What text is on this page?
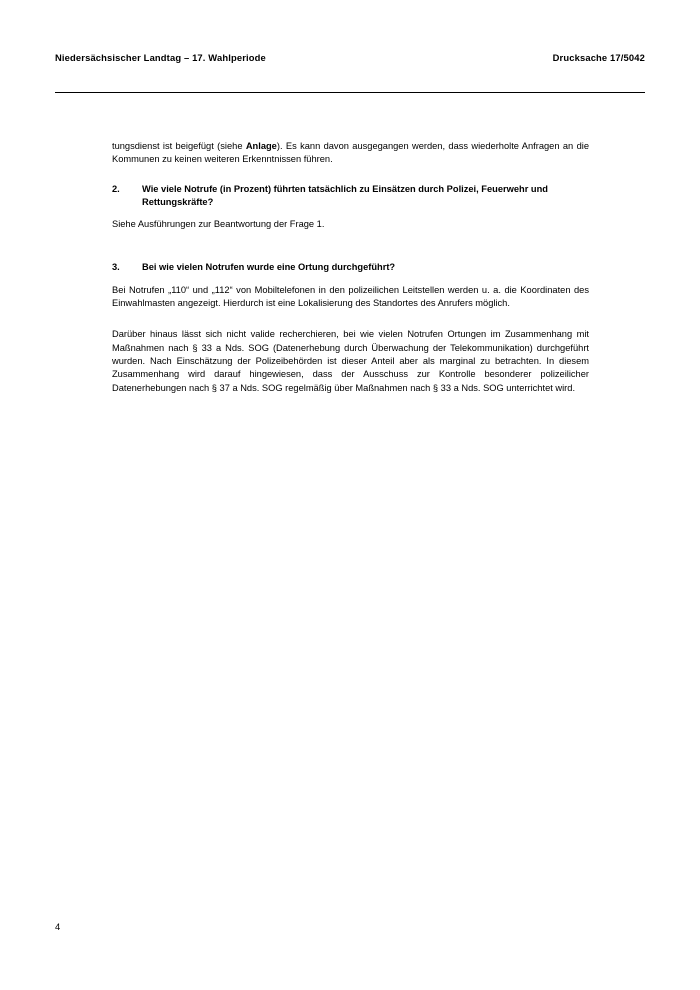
Niedersächsischer Landtag – 17. Wahlperiode	Drucksache 17/5042

tungsdienst ist beigefügt (siehe Anlage). Es kann davon ausgegangen werden, dass wiederholte Anfragen an die Kommunen zu keinen weiteren Erkenntnissen führen.

2.	Wie viele Notrufe (in Prozent) führten tatsächlich zu Einsätzen durch Polizei, Feuerwehr und Rettungskräfte?

Siehe Ausführungen zur Beantwortung der Frage 1.

3.	Bei wie vielen Notrufen wurde eine Ortung durchgeführt?

Bei Notrufen „110“ und „112“ von Mobiltelefonen in den polizeilichen Leitstellen werden u. a. die Koordinaten des Einwahlmasten angezeigt. Hierdurch ist eine Lokalisierung des Standortes des Anrufers möglich.

Darüber hinaus lässt sich nicht valide recherchieren, bei wie vielen Notrufen Ortungen im Zusammenhang mit Maßnahmen nach § 33 a Nds. SOG (Datenerhebung durch Überwachung der Telekommunikation) durchgeführt wurden. Nach Einschätzung der Polizeibehörden ist dieser Anteil aber als marginal zu betrachten. In diesem Zusammenhang wird darauf hingewiesen, dass der Ausschuss zur Kontrolle besonderer polizeilicher Datenerhebungen nach § 37 a Nds. SOG regelmäßig über Maßnahmen nach § 33 a Nds. SOG unterrichtet wird.

4
